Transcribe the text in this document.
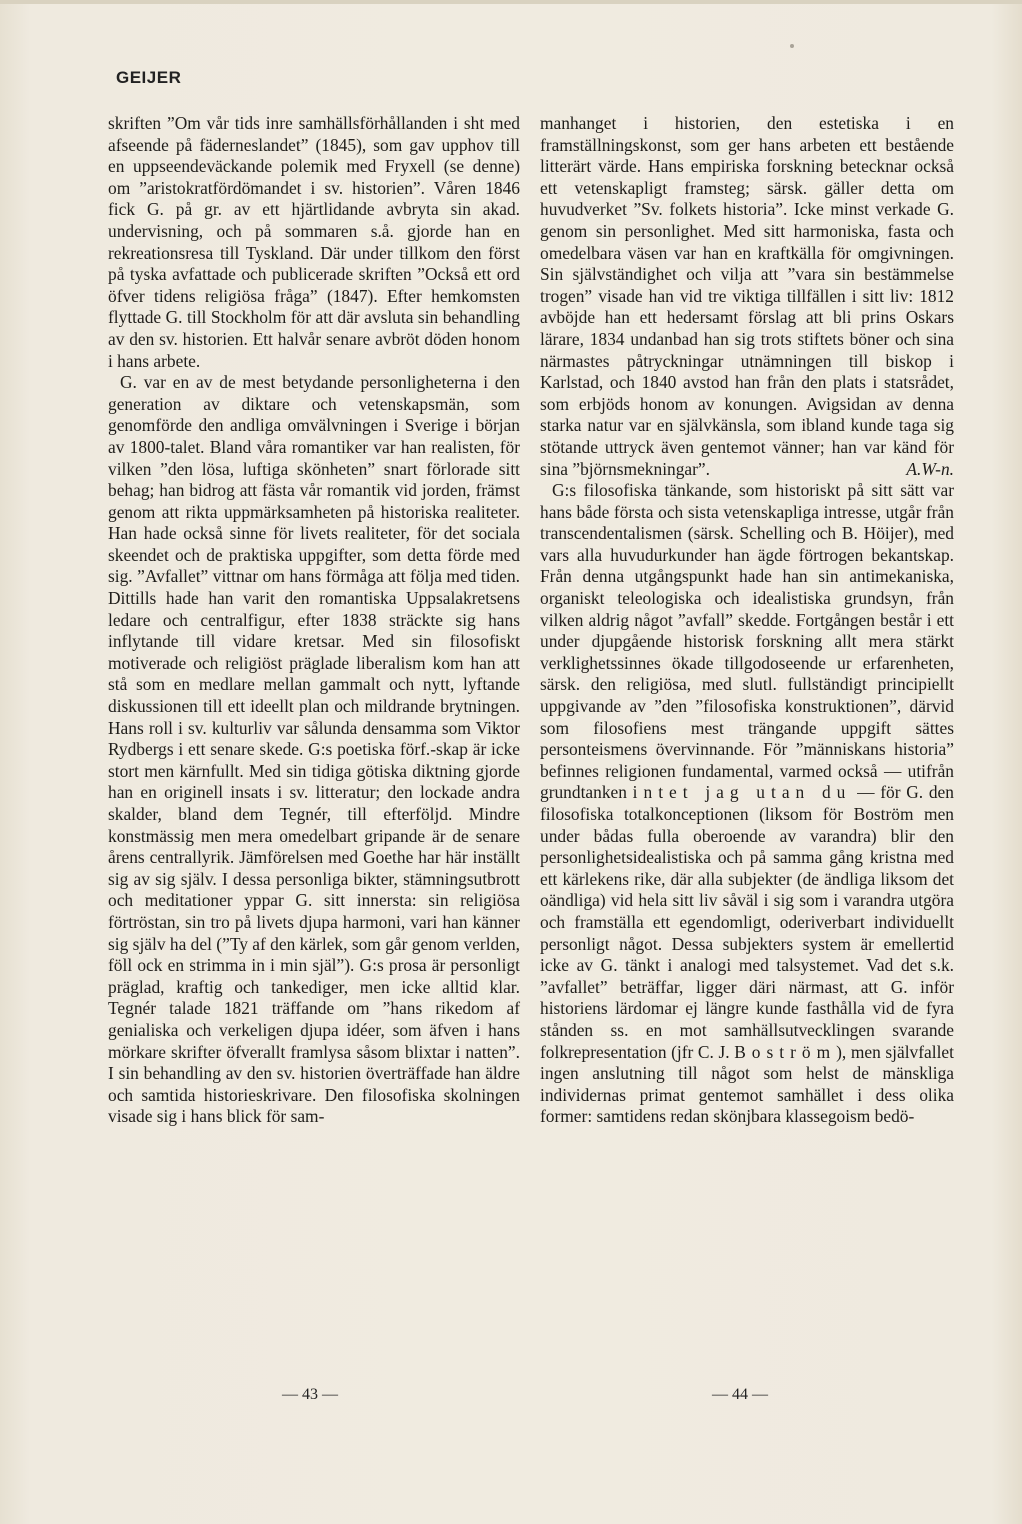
GEIJER

skriften ”Om vår tids inre samhällsförhållanden i sht med afseende på fäderneslandet” (1845), som gav upphov till en uppseendeväckande polemik med Fryxell (se denne) om ”aristokratfördömandet i sv. historien”. Våren 1846 fick G. på gr. av ett hjärtlidande avbryta sin akad. undervisning, och på sommaren s.å. gjorde han en rekreationsresa till Tyskland. Där under tillkom den först på tyska avfattade och publicerade skriften ”Också ett ord öfver tidens religiösa fråga” (1847). Efter hemkomsten flyttade G. till Stockholm för att där avsluta sin behandling av den sv. historien. Ett halvår senare avbröt döden honom i hans arbete.

G. var en av de mest betydande personligheterna i den generation av diktare och vetenskapsmän, som genomförde den andliga omvälvningen i Sverige i början av 1800-talet. Bland våra romantiker var han realisten, för vilken ”den lösa, luftiga skönheten” snart förlorade sitt behag; han bidrog att fästa vår romantik vid jorden, främst genom att rikta uppmärksamheten på historiska realiteter. Han hade också sinne för livets realiteter, för det sociala skeendet och de praktiska uppgifter, som detta förde med sig. ”Avfallet” vittnar om hans förmåga att följa med tiden. Dittills hade han varit den romantiska Uppsalakretsens ledare och centralfigur, efter 1838 sträckte sig hans inflytande till vidare kretsar. Med sin filosofiskt motiverade och religiöst präglade liberalism kom han att stå som en medlare mellan gammalt och nytt, lyftande diskussionen till ett ideellt plan och mildrande brytningen. Hans roll i sv. kulturliv var sålunda densamma som Viktor Rydbergs i ett senare skede. G:s poetiska förf.-skap är icke stort men kärnfullt. Med sin tidiga götiska diktning gjorde han en originell insats i sv. litteratur; den lockade andra skalder, bland dem Tegnér, till efterföljd. Mindre konstmässig men mera omedelbart gripande är de senare årens centrallyrik. Jämförelsen med Goethe har här inställt sig av sig själv. I dessa personliga bikter, stämningsutbrott och meditationer yppar G. sitt innersta: sin religiösa förtröstan, sin tro på livets djupa harmoni, vari han känner sig själv ha del (”Ty af den kärlek, som går genom verlden, föll ock en strimma in i min själ”). G:s prosa är personligt präglad, kraftig och tankediger, men icke alltid klar. Tegnér talade 1821 träffande om ”hans rikedom af genialiska och verkeligen djupa idéer, som äfven i hans mörkare skrifter öfverallt framlysa såsom blixtar i natten”. I sin behandling av den sv. historien överträffade han äldre och samtida historieskrivare. Den filosofiska skolningen visade sig i hans blick för sam-

manhanget i historien, den estetiska i en framställningskonst, som ger hans arbeten ett bestående litterärt värde. Hans empiriska forskning betecknar också ett vetenskapligt framsteg; särsk. gäller detta om huvudverket ”Sv. folkets historia”. Icke minst verkade G. genom sin personlighet. Med sitt harmoniska, fasta och omedelbara väsen var han en kraftkälla för omgivningen. Sin självständighet och vilja att ”vara sin bestämmelse trogen” visade han vid tre viktiga tillfällen i sitt liv: 1812 avböjde han ett hedersamt förslag att bli prins Oskars lärare, 1834 undanbad han sig trots stiftets böner och sina närmastes påtryckningar utnämningen till biskop i Karlstad, och 1840 avstod han från den plats i statsrådet, som erbjöds honom av konungen. Avigsidan av denna starka natur var en självkänsla, som ibland kunde taga sig stötande uttryck även gentemot vänner; han var känd för sina ”björnsmekningar”.	A.W-n.

G:s filosofiska tänkande, som historiskt på sitt sätt var hans både första och sista vetenskapliga intresse, utgår från transcendentalismen (särsk. Schelling och B. Höijer), med vars alla huvudurkunder han ägde förtrogen bekantskap. Från denna utgångspunkt hade han sin antimekaniska, organiskt teleologiska och idealistiska grundsyn, från vilken aldrig något ”avfall” skedde. Fortgången består i ett under djupgående historisk forskning allt mera stärkt verklighetssinnes ökade tillgodoseende ur erfarenheten, särsk. den religiösa, med slutl. fullständigt principiellt uppgivande av ”den ”filosofiska konstruktionen”, därvid som filosofiens mest trängande uppgift sättes personteismens övervinnande. För ”människans historia” befinnes religionen fundamental, varmed också — utifrån grundtanken intet jag utan du — för G. den filosofiska totalkonceptionen (liksom för Boström men under bådas fulla oberoende av varandra) blir den personlighetsidealistiska och på samma gång kristna med ett kärlekens rike, där alla subjekter (de ändliga liksom det oändliga) vid hela sitt liv såväl i sig som i varandra utgöra och framställa ett egendomligt, oderiverbart individuellt personligt något. Dessa subjekters system är emellertid icke av G. tänkt i analogi med talsystemet. Vad det s.k. ”avfallet” beträffar, ligger däri närmast, att G. inför historiens lärdomar ej längre kunde fasthålla vid de fyra stånden ss. en mot samhällsutvecklingen svarande folkrepresentation (jfr C. J. Boström), men självfallet ingen anslutning till något som helst de mänskliga individernas primat gentemot samhället i dess olika former: samtidens redan skönjbara klassegoism bedö-

— 43 —	— 44 —
